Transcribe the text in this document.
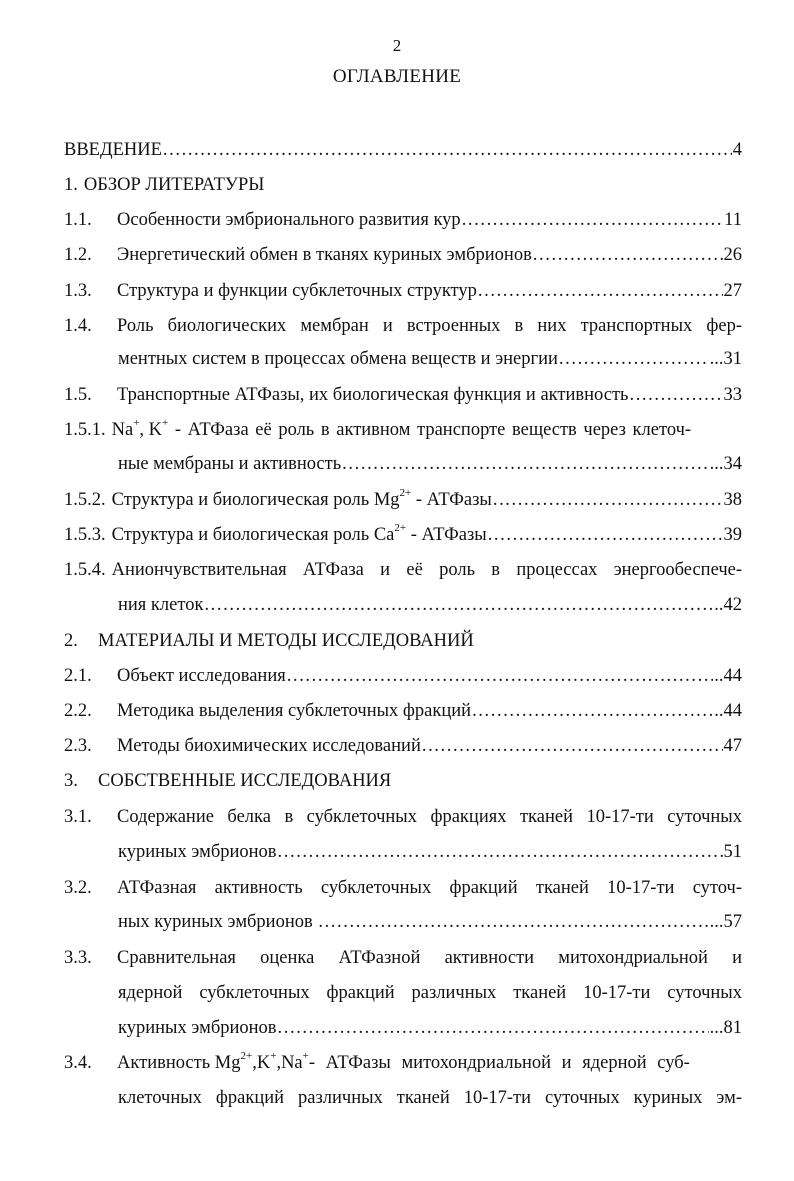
2
ОГЛАВЛЕНИЕ
ВВЕДЕНИЕ .....	4
1. ОБЗОР ЛИТЕРАТУРЫ
1.1.	Особенности эмбрионального развития кур .....	11
1.2.	Энергетический обмен в тканях куриных эмбрионов .....	26
1.3.	Структура и функции субклеточных структур .....	27
1.4.	Роль биологических мембран и встроенных в них транспортных фер-
ментных систем в процессах обмена веществ и энергии .....	...31
1.5.	Транспортные АТФазы, их биологическая функция и активность .....	33
1.5.1. Na+, K+ - АТФаза её роль в активном транспорте веществ через клеточ-
ные мембраны и активность .....	...34
1.5.2. Структура и биологическая роль $Mg^{2+}$ - АТФазы .....	38
1.5.3. Структура и биологическая роль $Са^{2+}$ - АТФазы .....	39
1.5.4. Аниончувствительная АТФаза и её роль в процессах энергообеспече-
ния клеток .....	..42
2.	МАТЕРИАЛЫ И МЕТОДЫ ИССЛЕДОВАНИЙ
2.1.	Объект исследования .....	..44
2.2.	Методика выделения субклеточных фракций .....	..44
2.3.	Методы биохимических исследований .....	47
3.	СОБСТВЕННЫЕ ИССЛЕДОВАНИЯ
3.1.	Содержание белка в субклеточных фракциях тканей 10-17-ти суточных
куриных эмбрионов .....	51
3.2.	АТФазная активность субклеточных фракций тканей 10-17-ти суточ-
ных куриных эмбрионов .....	...57
3.3.	Сравнительная оценка АТФазной активности митохондриальной и
ядерной субклеточных фракций различных тканей 10-17-ти суточных
куриных эмбрионов .....	...81
3.4.	Активность $Mg^{2+},K^+,Na^+-$ АТФазы митохондриальной и ядерной суб-
клеточных фракций различных тканей 10-17-ти суточных куриных эм-
